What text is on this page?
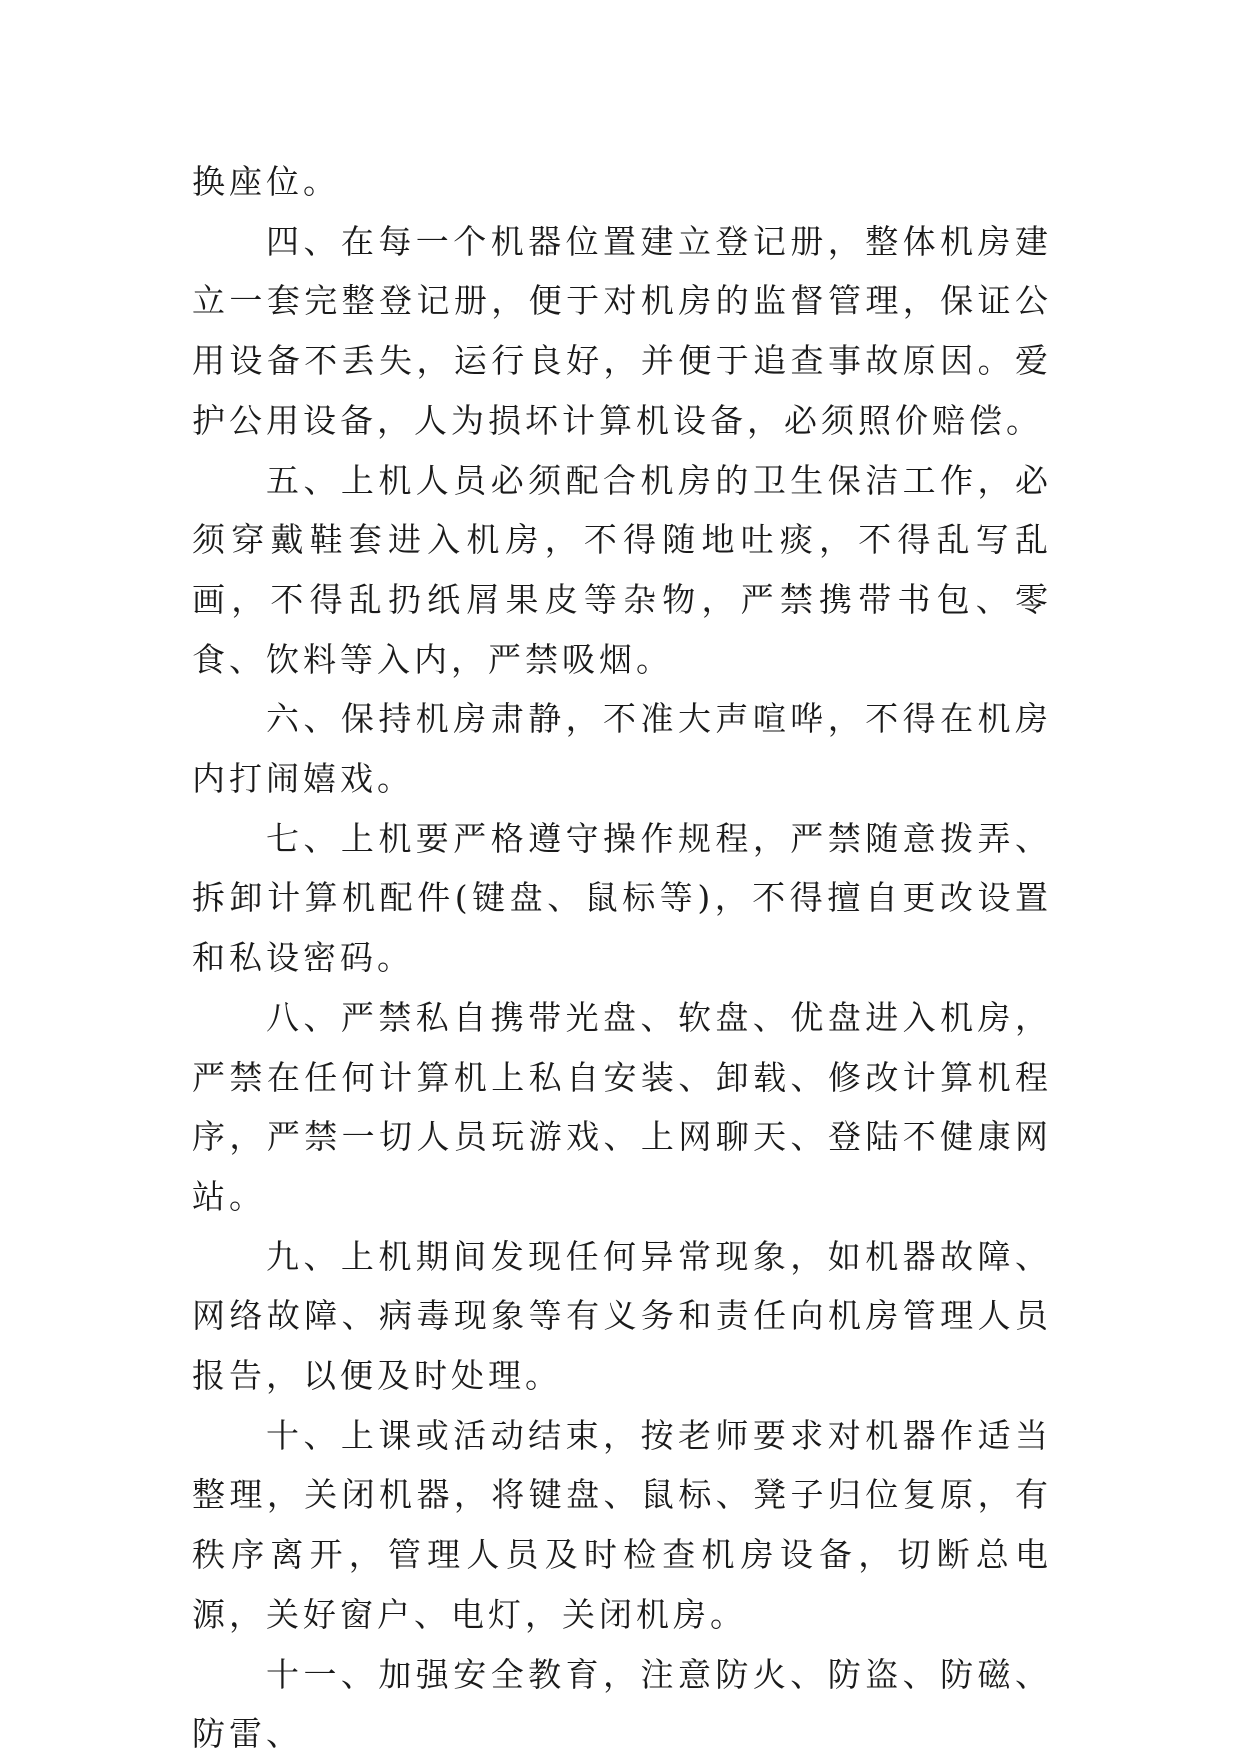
换座位。

四、在每一个机器位置建立登记册，整体机房建立一套完整登记册，便于对机房的监督管理，保证公用设备不丢失，运行良好，并便于追查事故原因。爱护公用设备，人为损坏计算机设备，必须照价赔偿。

五、上机人员必须配合机房的卫生保洁工作，必须穿戴鞋套进入机房，不得随地吐痰，不得乱写乱画，不得乱扔纸屑果皮等杂物，严禁携带书包、零食、饮料等入内，严禁吸烟。

六、保持机房肃静，不准大声喧哗，不得在机房内打闹嬉戏。

七、上机要严格遵守操作规程，严禁随意拨弄、拆卸计算机配件(键盘、鼠标等)，不得擅自更改设置和私设密码。

八、严禁私自携带光盘、软盘、优盘进入机房，严禁在任何计算机上私自安装、卸载、修改计算机程序，严禁一切人员玩游戏、上网聊天、登陆不健康网站。

九、上机期间发现任何异常现象，如机器故障、网络故障、病毒现象等有义务和责任向机房管理人员报告，以便及时处理。

十、上课或活动结束，按老师要求对机器作适当整理，关闭机器，将键盘、鼠标、凳子归位复原，有秩序离开，管理人员及时检查机房设备，切断总电源，关好窗户、电灯，关闭机房。

十一、加强安全教育，注意防火、防盗、防磁、防雷、
